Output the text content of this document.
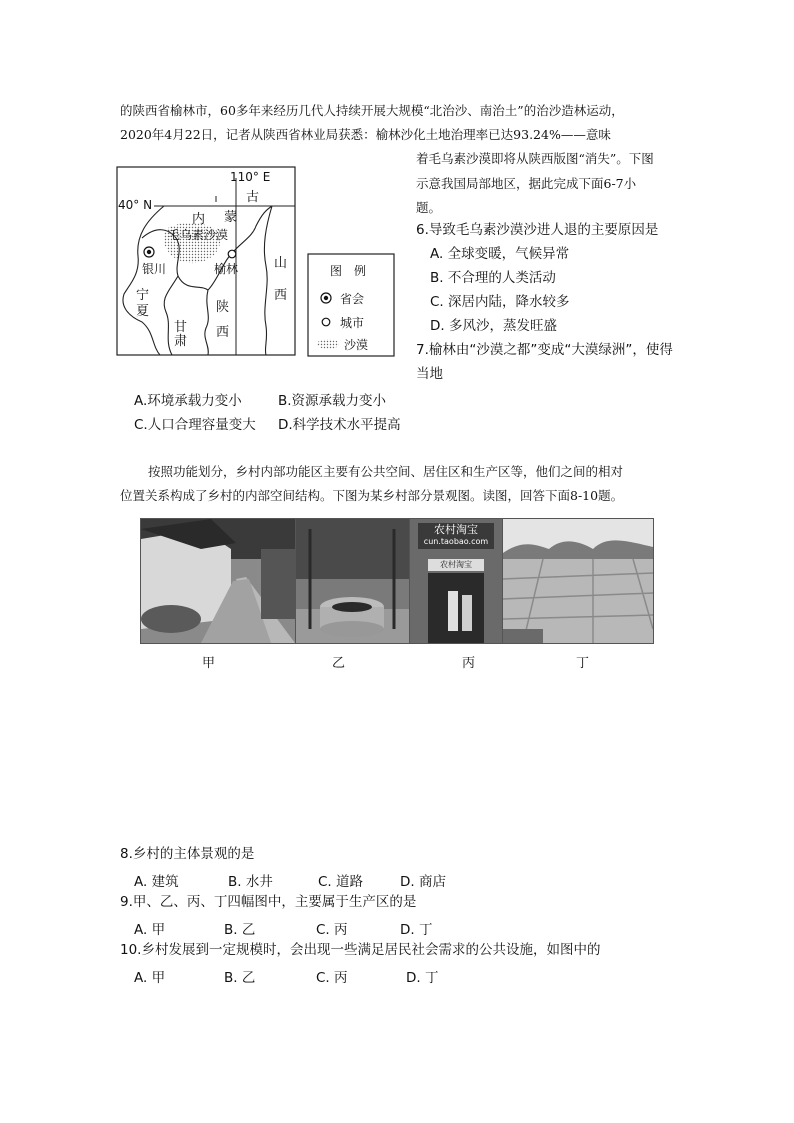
的陕西省榆林市，60多年来经历几代人持续开展大规模“北治沙、南治土”的治沙造林运动，
2020年4月22日，记者从陕西省林业局获悉：榆林沙化土地治理率已达93.24%——意味
着毛乌素沙漠即将从陕西版图“消失”。下图
示意我国局部地区，据此完成下面6-7小
题。
110° E
40° N	古
内 蒙
毛乌素沙漠
银川	榆林
宁
夏
甘
肃
陕
西
山
西
图　例
省会
城市
沙漠
6.导致毛乌素沙漠沙进人退的主要原因是
A. 全球变暖，气候异常
B. 不合理的人类活动
C. 深居内陆，降水较多
D. 多风沙，蒸发旺盛
7.榆林由“沙漠之都”变成“大漠绿洲”，使得
当地
A.环境承载力变小	B.资源承载力变小
C.人口合理容量变大 D.科学技术水平提高
按照功能划分，乡村内部功能区主要有公共空间、居住区和生产区等，他们之间的相对
位置关系构成了乡村的内部空间结构。下图为某乡村部分景观图。读图，回答下面8-10题。
农村淘宝
cun.taobao.com
农村淘宝
甲	乙	丙	丁
8.乡村的主体景观的是
A. 建筑	B. 水井	C. 道路	D. 商店
9.甲、乙、丙、丁四幅图中，主要属于生产区的是
A. 甲	B. 乙	C. 丙	D. 丁
10.乡村发展到一定规模时，会出现一些满足居民社会需求的公共设施，如图中的
A. 甲	B. 乙	C. 丙	D. 丁
